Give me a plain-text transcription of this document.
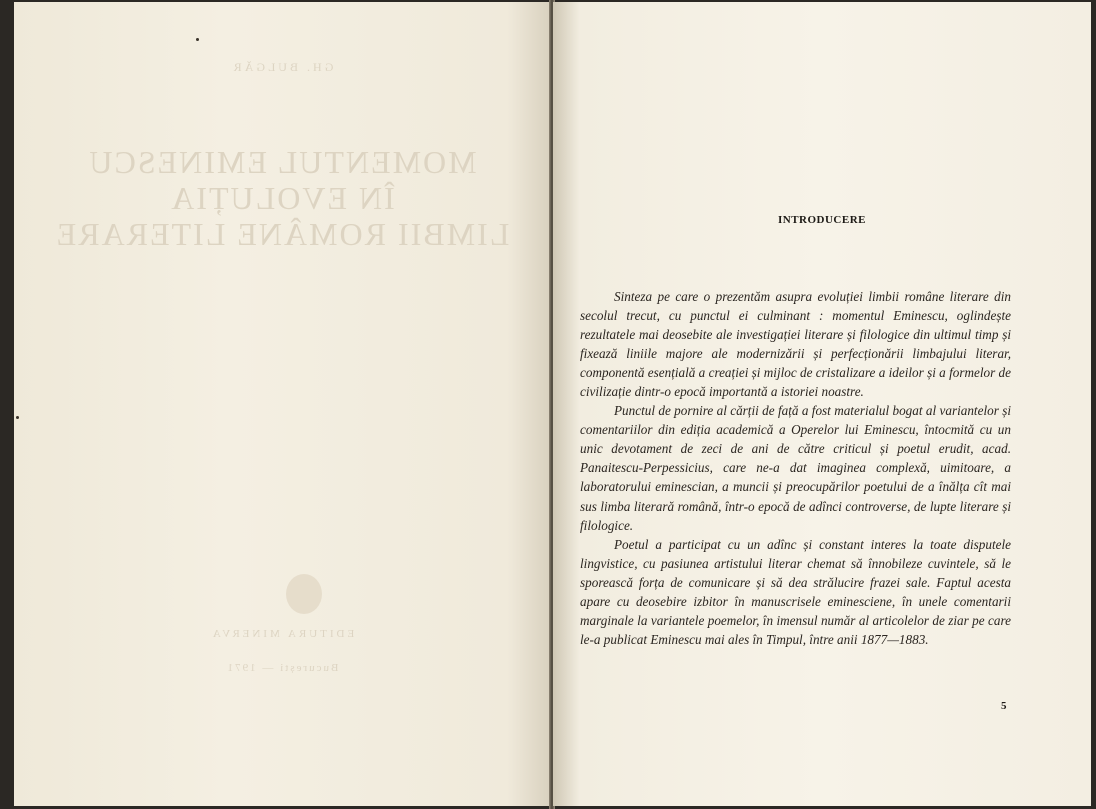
GH. BULGĂR
MOMENTUL EMINESCU
ÎN EVOLUȚIA
LIMBII ROMÂNE LITERARE
EDITURA MINERVA
București — 1971
INTRODUCERE

Sinteza pe care o prezentăm asupra evoluției limbii române literare din secolul trecut, cu punctul ei culminant : momentul Eminescu, oglindește rezultatele mai deosebite ale investigației literare și filologice din ultimul timp și fixează liniile majore ale modernizării și perfecționării limbajului literar, componentă esențială a creației și mijloc de cristalizare a ideilor și a formelor de civilizație dintr-o epocă importantă a istoriei noastre.

Punctul de pornire al cărții de față a fost materialul bogat al variantelor și comentariilor din ediția academică a Operelor lui Eminescu, întocmită cu un unic devotament de zeci de ani de către criticul și poetul erudit, acad. Panaitescu-Perpessicius, care ne-a dat imaginea complexă, uimitoare, a laboratorului eminescian, a muncii și preocupărilor poetului de a înălța cît mai sus limba literară română, într-o epocă de adînci controverse, de lupte literare și filologice.

Poetul a participat cu un adînc și constant interes la toate disputele lingvistice, cu pasiunea artistului literar chemat să înnobileze cuvintele, să le sporească forța de comunicare și să dea strălucire frazei sale. Faptul acesta apare cu deosebire izbitor în manuscrisele eminesciene, în unele comentarii marginale la variantele poemelor, în imensul număr al articolelor de ziar pe care le-a publicat Eminescu mai ales în Timpul, între anii 1877—1883.

5
